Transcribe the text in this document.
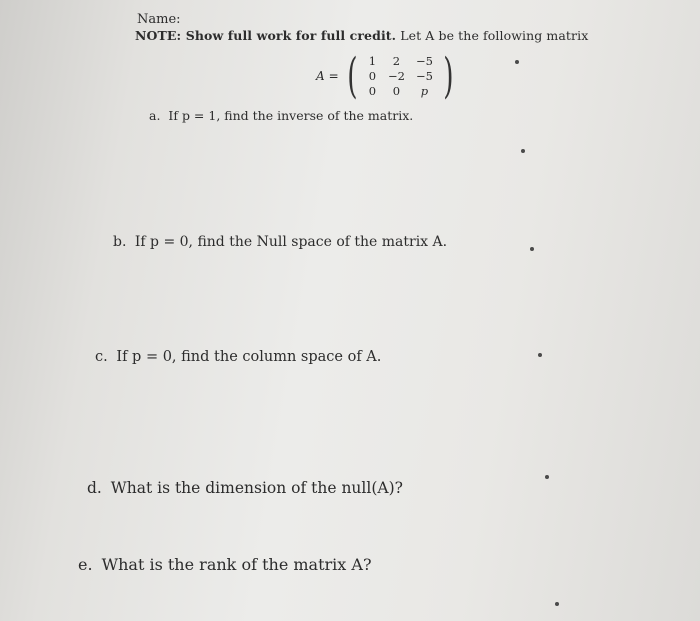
Name:
NOTE: Show full work for full credit. Let A be the following matrix
A = (	1	2	−5
0	−2 −5
0	0	p )
a. If p = 1, find the inverse of the matrix.
b. If p = 0, find the Null space of the matrix A.
c. If p = 0, find the column space of A.
d. What is the dimension of the null(A)?
e. What is the rank of the matrix A?
